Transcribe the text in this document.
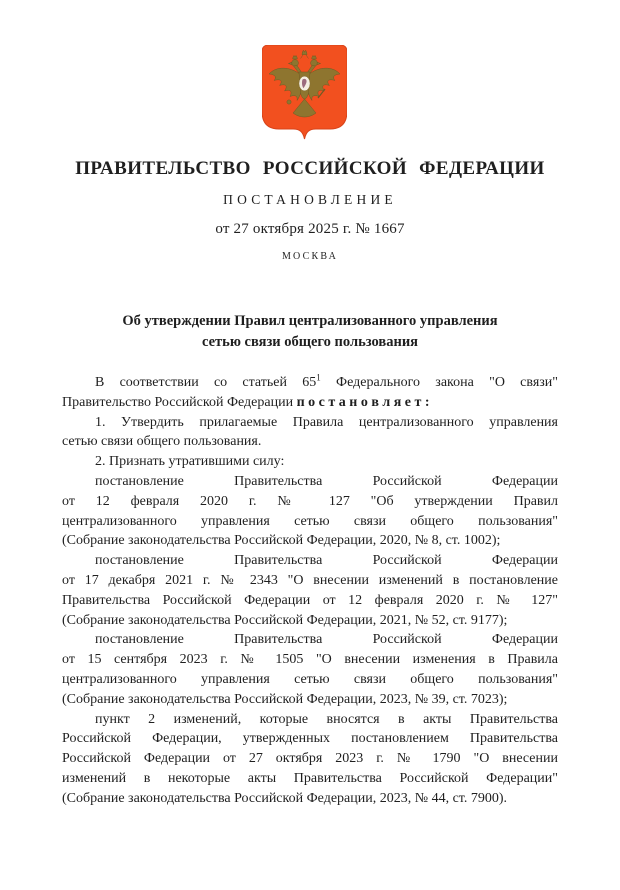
ПРАВИТЕЛЬСТВО РОССИЙСКОЙ ФЕДЕРАЦИИ
ПОСТАНОВЛЕНИЕ
от 27 октября 2025 г. № 1667
МОСКВА
Об утверждении Правил централизованного управления
сетью связи общего пользования
В соответствии со статьей $65^1$ Федерального закона "О связи"
Правительство Российской Федерации п о с т а н о в л я е т :
1. Утвердить прилагаемые Правила централизованного управления
сетью связи общего пользования.
2. Признать утратившими силу:
постановление Правительства Российской Федерации
от 12 февраля 2020 г. № 127 "Об утверждении Правил
централизованного управления сетью связи общего пользования"
(Собрание законодательства Российской Федерации, 2020, № 8, ст. 1002);
постановление Правительства Российской Федерации
от 17 декабря 2021 г. № 2343 "О внесении изменений в постановление
Правительства Российской Федерации от 12 февраля 2020 г. № 127"
(Собрание законодательства Российской Федерации, 2021, № 52, ст. 9177);
постановление Правительства Российской Федерации
от 15 сентября 2023 г. № 1505 "О внесении изменения в Правила
централизованного управления сетью связи общего пользования"
(Собрание законодательства Российской Федерации, 2023, № 39, ст. 7023);
пункт 2 изменений, которые вносятся в акты Правительства
Российской Федерации, утвержденных постановлением Правительства
Российской Федерации от 27 октября 2023 г. № 1790 "О внесении
изменений в некоторые акты Правительства Российской Федерации"
(Собрание законодательства Российской Федерации, 2023, № 44, ст. 7900).
